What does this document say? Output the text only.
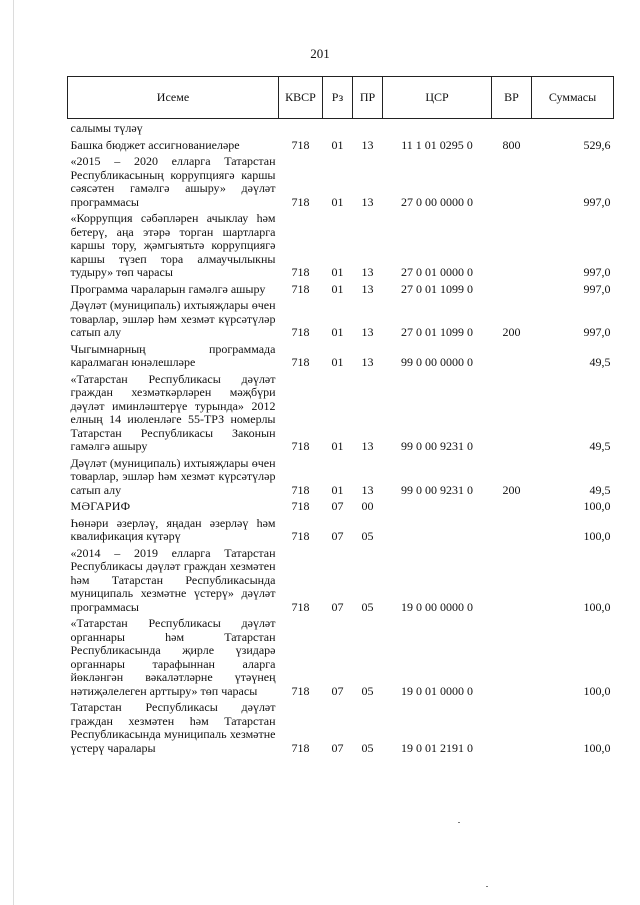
201
Исеме	КВСР	Рз	ПР	ЦСР	ВР	Суммасы
салымы түләү						
Башка бюджет ассигнованиеләре	718	01	13	11 1 01 0295 0	800	529,6
«2015 – 2020 елларга Татарстан Республикасының коррупциягә каршы сәясәтен гамәлгә ашыру» дәүләт программасы	718	01	13	27 0 00 0000 0		997,0
«Коррупция сәбәпләрен ачыклау һәм бетерү, аңа этәрә торган шартларга каршы тору, җәмгыятьтә коррупциягә каршы түзеп тора алмаучылыкны тудыру» төп чарасы	718	01	13	27 0 01 0000 0		997,0
Программа чараларын гамәлгә ашыру	718	01	13	27 0 01 1099 0		997,0
Дәүләт (муниципаль) ихтыяҗлары өчен товарлар, эшләр һәм хезмәт күрсәтүләр сатып алу	718	01	13	27 0 01 1099 0	200	997,0
Чыгымнарның программада каралмаган юнәлешләре	718	01	13	99 0 00 0000 0		49,5
«Татарстан Республикасы дәүләт граждан хезмәткәрләрен мәҗбүри дәүләт иминләштерүе турында» 2012 елның 14 июленләге 55-ТРЗ номерлы Татарстан Республикасы Законын гамәлгә ашыру	718	01	13	99 0 00 9231 0		49,5
Дәүләт (муниципаль) ихтыяҗлары өчен товарлар, эшләр һәм хезмәт күрсәтүләр сатып алу	718	01	13	99 0 00 9231 0	200	49,5
МӘГАРИФ	718	07	00			100,0
Һөнәри әзерләү, яңадан әзерләү һәм квалификация күтәрү	718	07	05			100,0
«2014 – 2019 елларга Татарстан Республикасы дәүләт граждан хезмәтен һәм Татарстан Республикасында муниципаль хезмәтне үстерү» дәүләт программасы	718	07	05	19 0 00 0000 0		100,0
«Татарстан Республикасы дәүләт органнары һәм Татарстан Республикасында җирле үзидарә органнары тарафыннан аларга йөкләнгән вәкаләтләрне үтәүнең нәтиҗәлелеген арттыру» төп чарасы	718	07	05	19 0 01 0000 0		100,0
Татарстан Республикасы дәүләт граждан хезмәтен һәм Татарстан Республикасында муниципаль хезмәтне үстерү чаралары	718	07	05	19 0 01 2191 0		100,0
